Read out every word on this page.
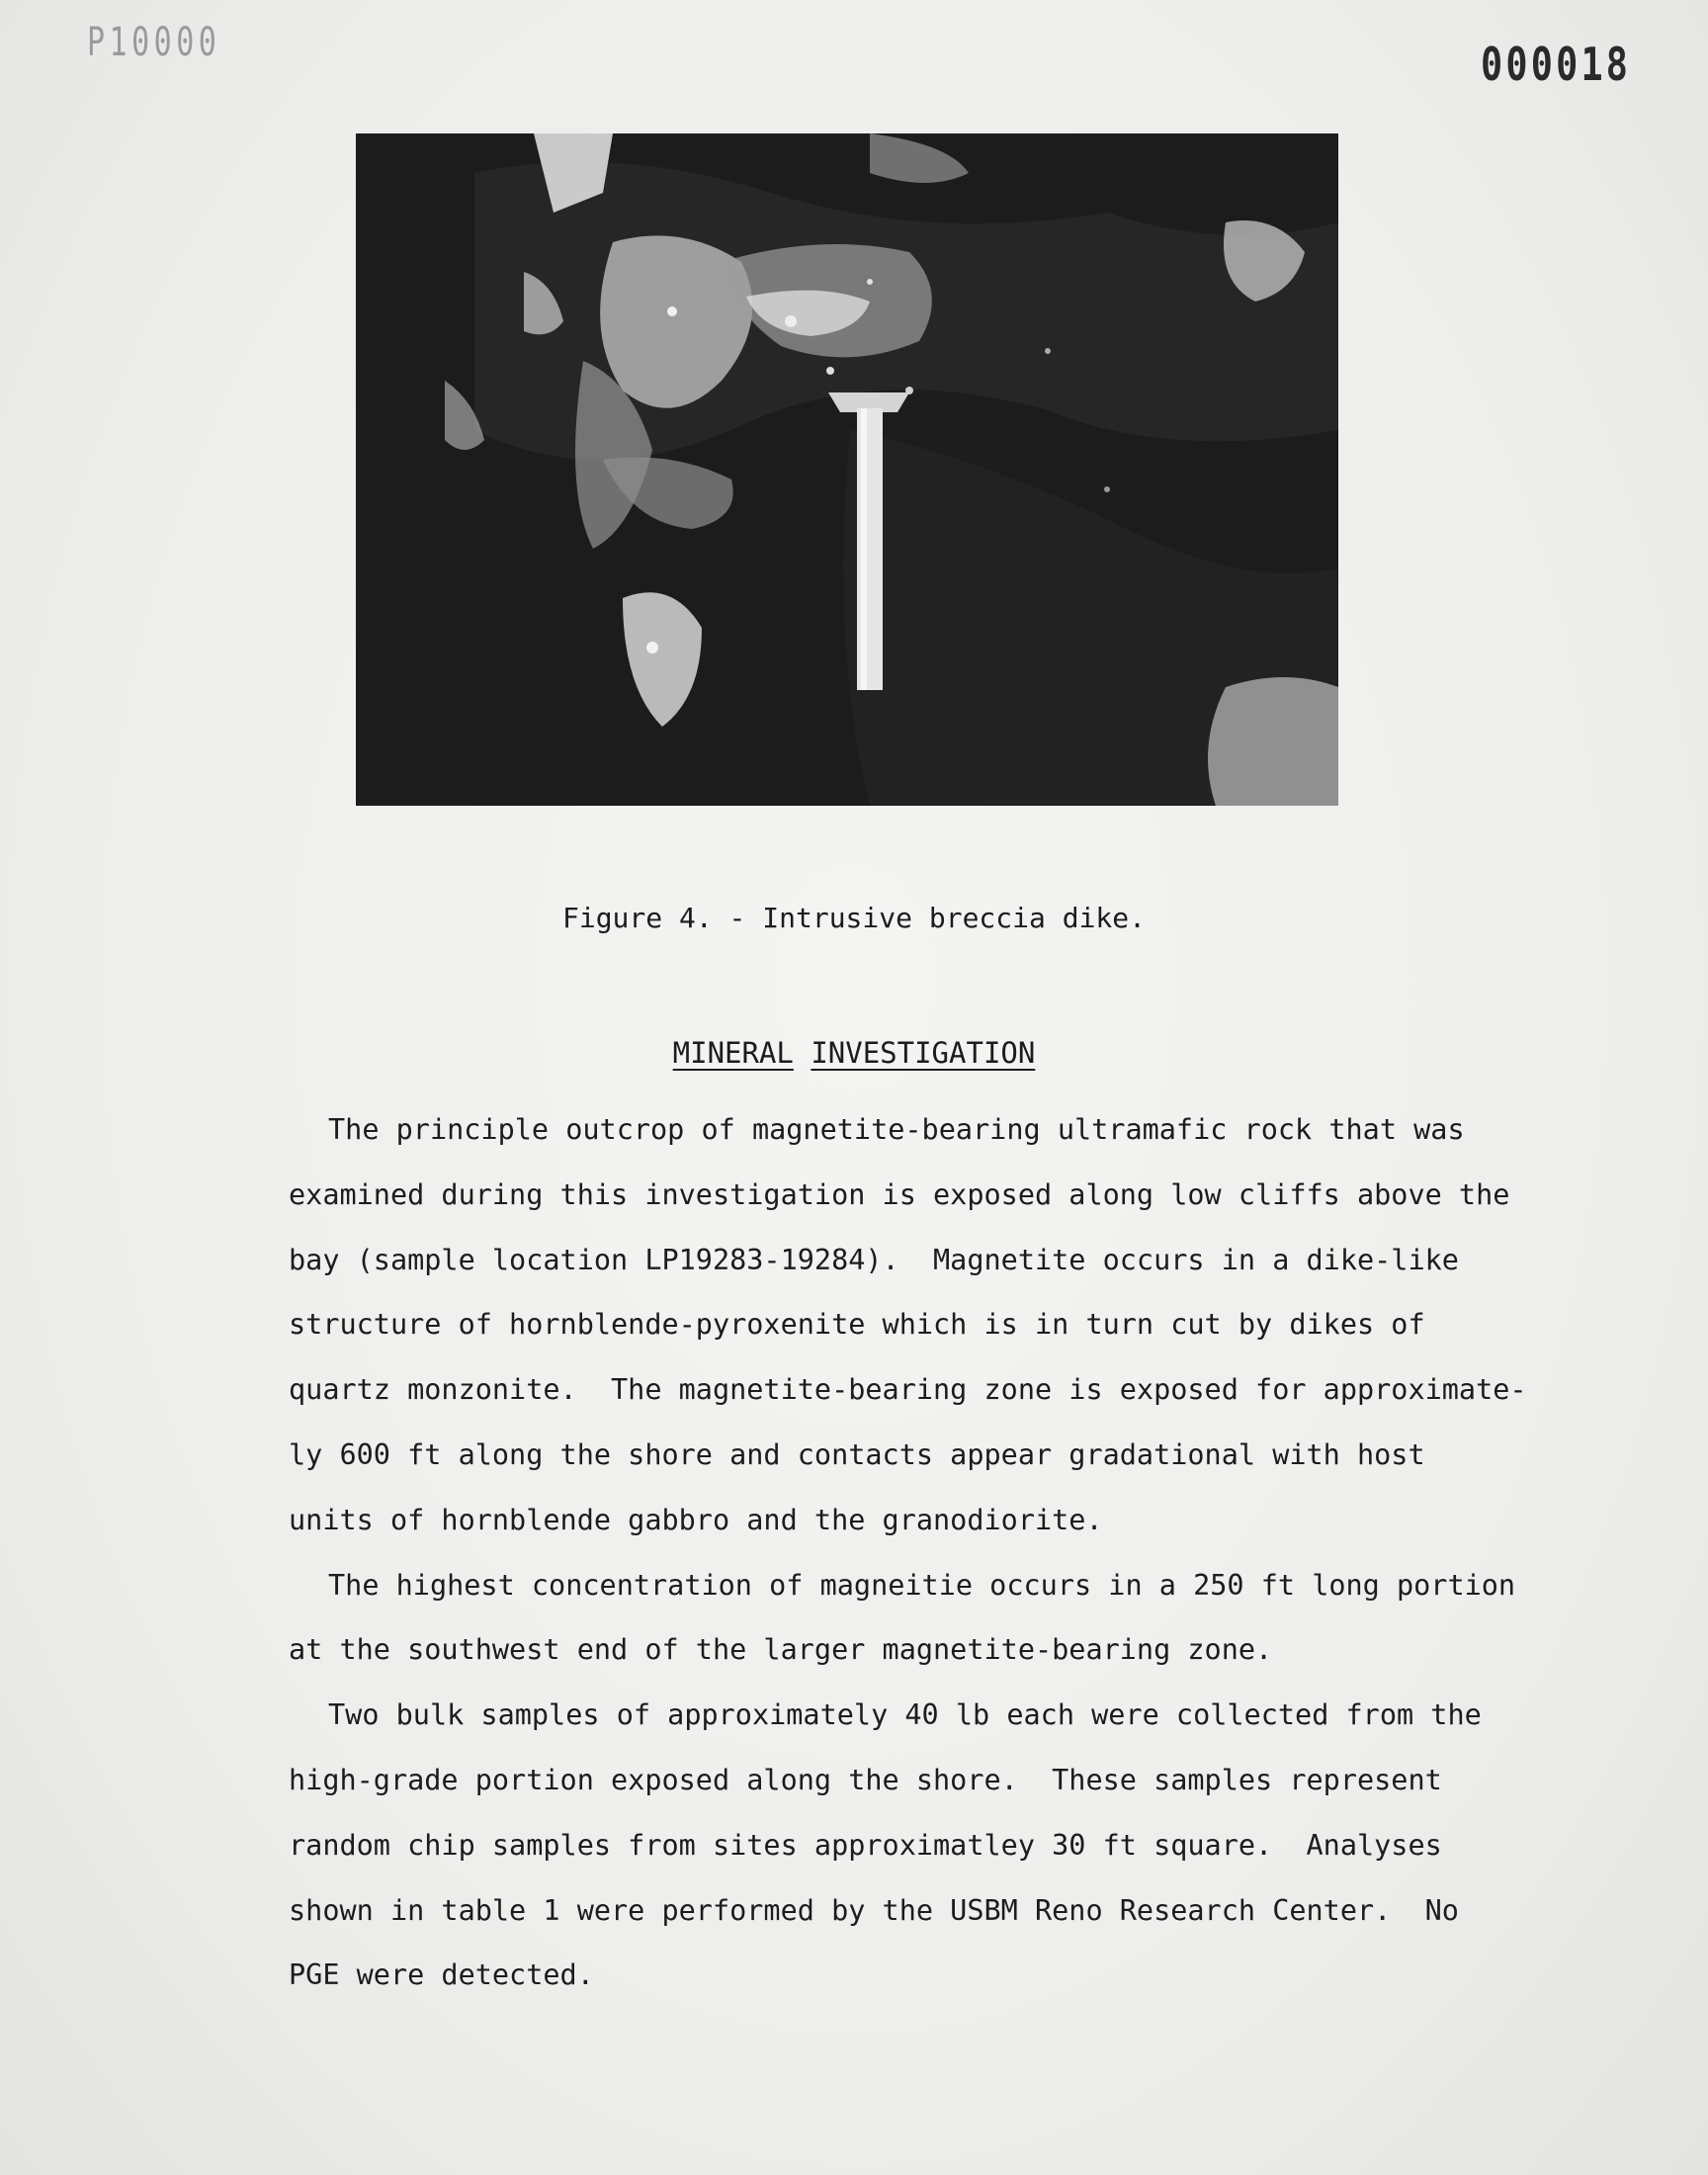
P10000	000018
Figure 4. - Intrusive breccia dike.
MINERAL INVESTIGATION
The principle outcrop of magnetite-bearing ultramafic rock that was
examined during this investigation is exposed along low cliffs above the
bay (sample location LP19283-19284).  Magnetite occurs in a dike-like
structure of hornblende-pyroxenite which is in turn cut by dikes of
quartz monzonite.  The magnetite-bearing zone is exposed for approximate-
ly 600 ft along the shore and contacts appear gradational with host
units of hornblende gabbro and the granodiorite.
The highest concentration of magneitie occurs in a 250 ft long portion
at the southwest end of the larger magnetite-bearing zone.
Two bulk samples of approximately 40 lb each were collected from the
high-grade portion exposed along the shore.  These samples represent
random chip samples from sites approximatley 30 ft square.  Analyses
shown in table 1 were performed by the USBM Reno Research Center.  No
PGE were detected.
